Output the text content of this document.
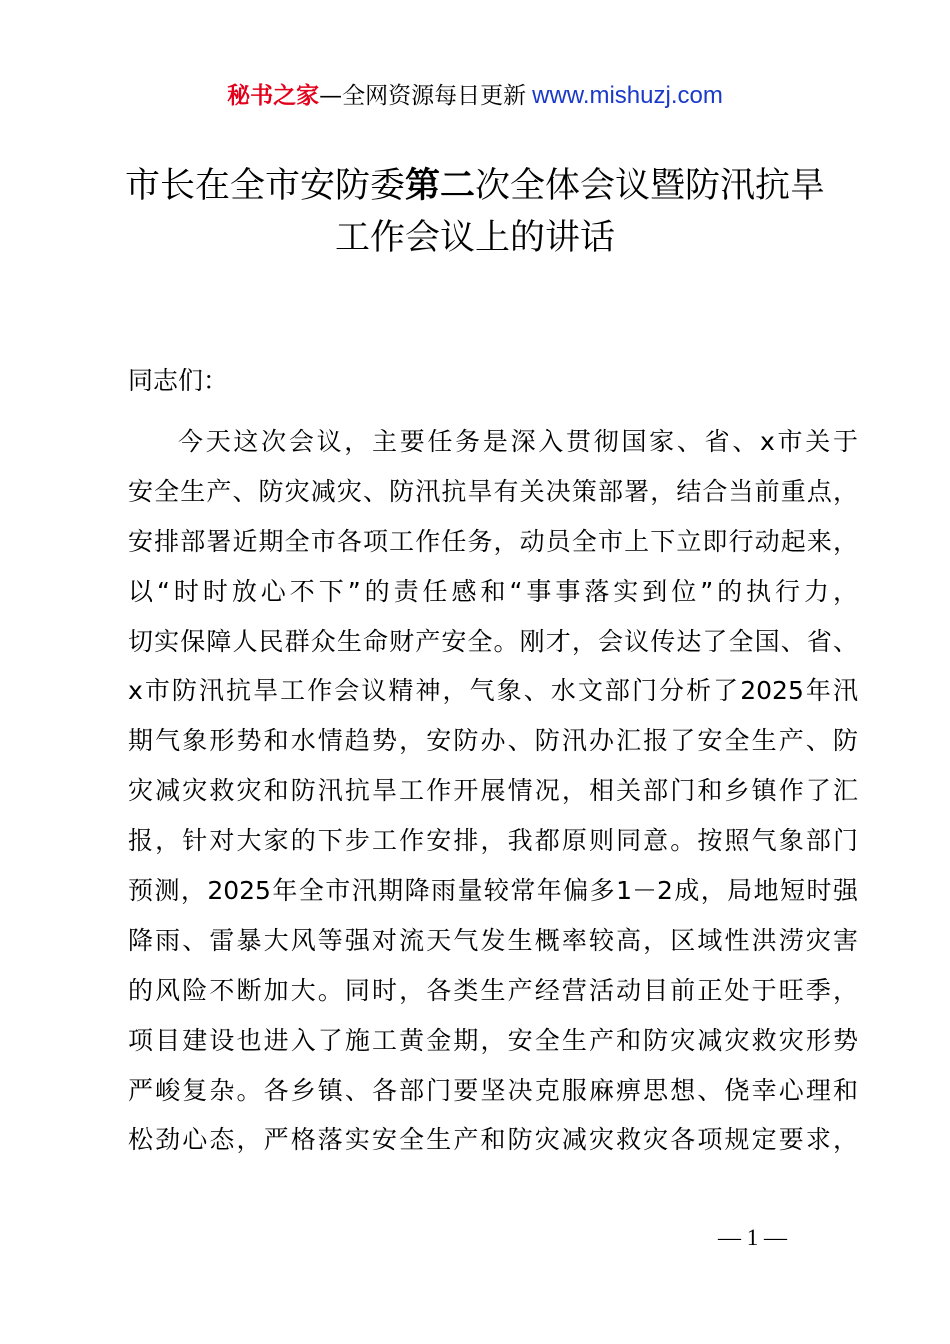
秘书之家—全网资源每日更新 www.mishuzj.com
市长在全市安防委第二次全体会议暨防汛抗旱
工作会议上的讲话
同志们：
今天这次会议，主要任务是深入贯彻国家、省、x市关于
安全生产、防灾减灾、防汛抗旱有关决策部署，结合当前重点，
安排部署近期全市各项工作任务，动员全市上下立即行动起来，
以“时时放心不下”的责任感和“事事落实到位”的执行力，
切实保障人民群众生命财产安全。刚才，会议传达了全国、省、
x市防汛抗旱工作会议精神，气象、水文部门分析了2025年汛
期气象形势和水情趋势，安防办、防汛办汇报了安全生产、防
灾减灾救灾和防汛抗旱工作开展情况，相关部门和乡镇作了汇
报，针对大家的下步工作安排，我都原则同意。按照气象部门
预测，2025年全市汛期降雨量较常年偏多1－2成，局地短时强
降雨、雷暴大风等强对流天气发生概率较高，区域性洪涝灾害
的风险不断加大。同时，各类生产经营活动目前正处于旺季，
项目建设也进入了施工黄金期，安全生产和防灾减灾救灾形势
严峻复杂。各乡镇、各部门要坚决克服麻痹思想、侥幸心理和
松劲心态，严格落实安全生产和防灾减灾救灾各项规定要求，
— 1 —
